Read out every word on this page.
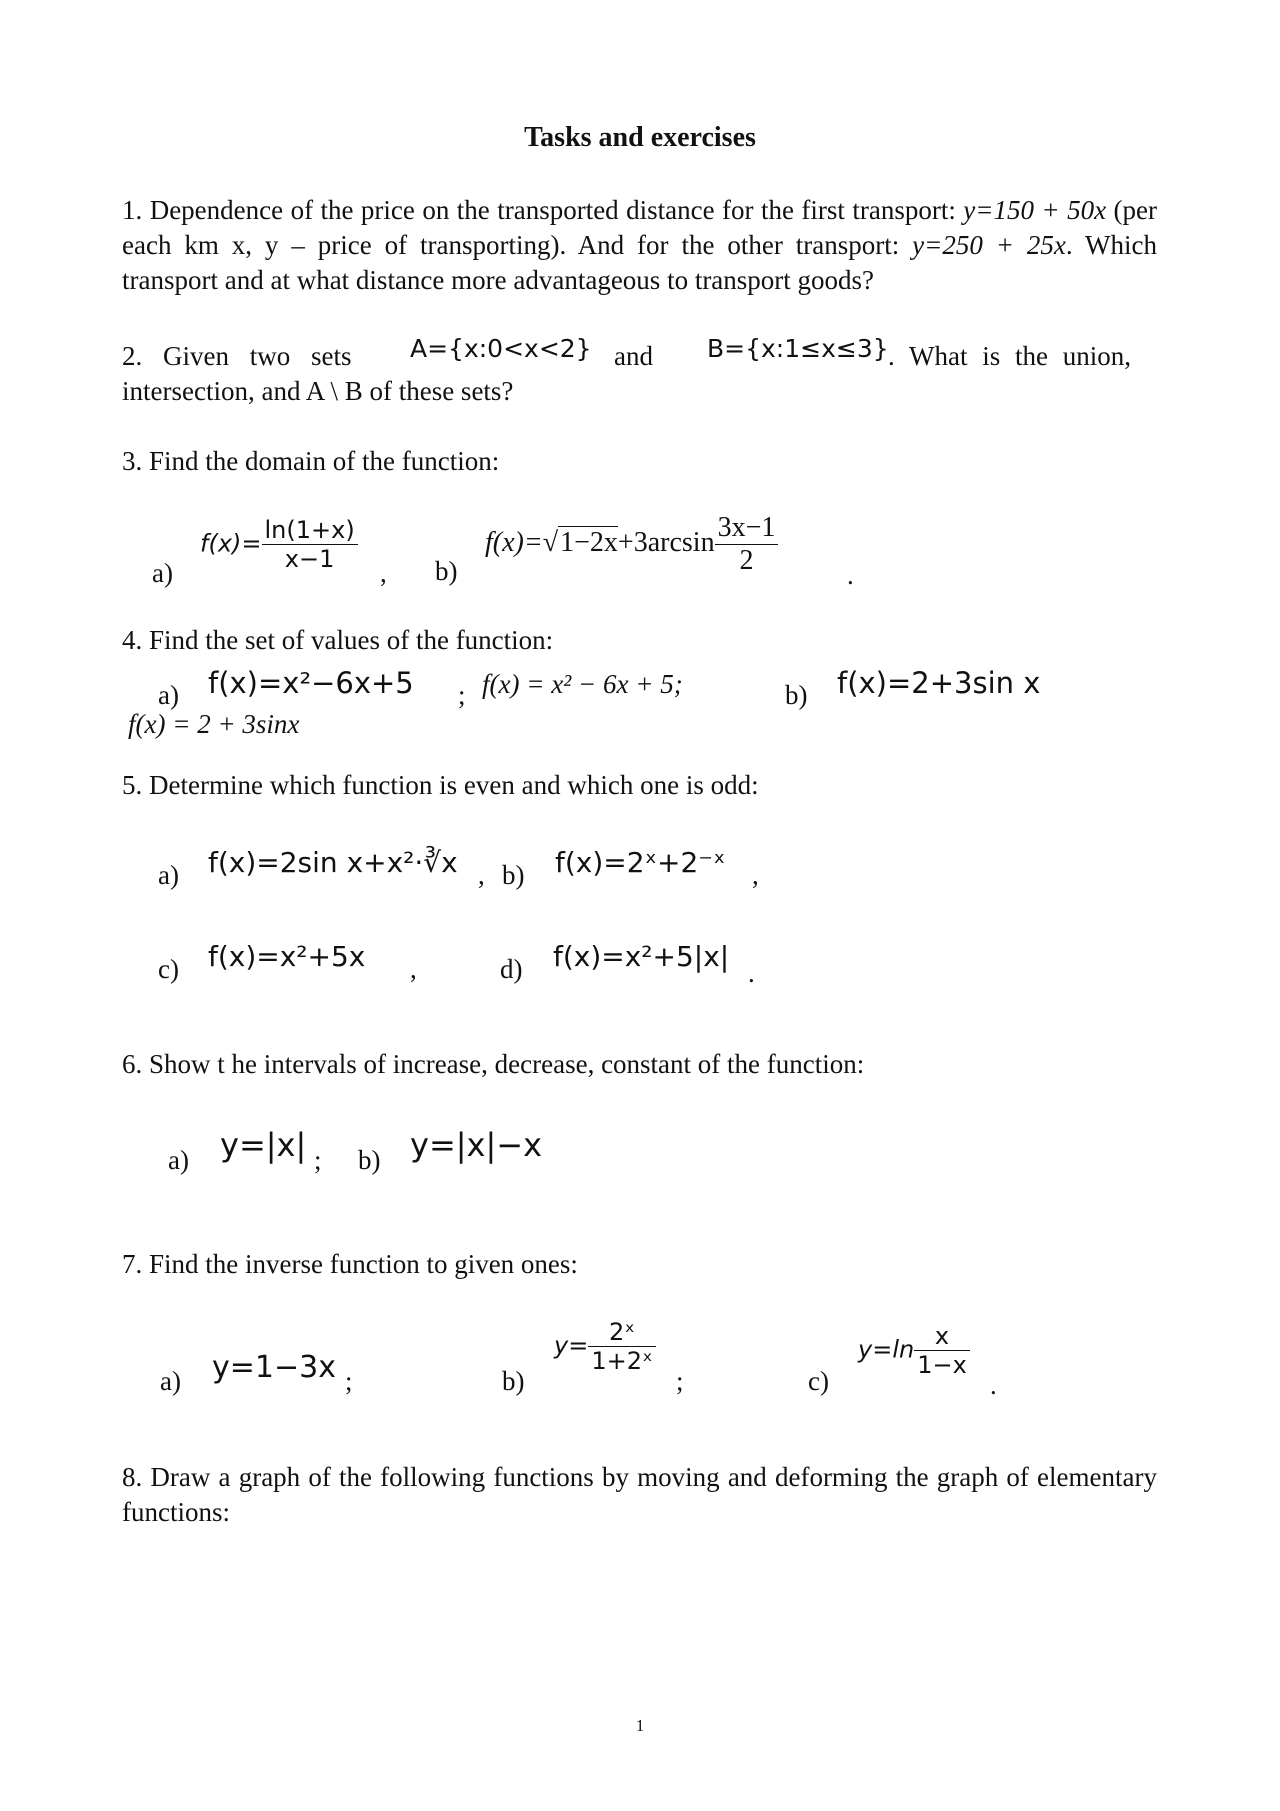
Tasks and exercises
1. Dependence of the price on the transported distance for the first transport: y=150 + 50x (per each km x, y – price of transporting). And for the other transport: y=250 + 25x. Which transport and at what distance more advantageous to transport goods?
2. Given two sets A={x:0<x<2} and B={x:1≤x≤3} . What is the union,
intersection, and A \ B of these sets?
3. Find the domain of the function:
a)
$f(x)= \frac{\ln(1+x)}{x-1}$ , b)
$f(x)=√1-2x+3\arcsin \frac{3x-1}{2}$	.
4. Find the set of values of the function:
a) f(x)=x²−6x+5 ; f(x) = x² − 6x + 5;	b) f(x)=2+3sin x
f(x) = 2 + 3sinx
5. Determine which function is even and which one is odd:
a) f(x)=2sin x+x²·∛x , b) f(x)=2ˣ+2⁻ˣ ,
c) f(x)=x²+5x ,	d) f(x)=x²+5|x| .
6. Show t he intervals of increase, decrease, constant of the function:
a) y=|x| ; b) y=|x|−x
7. Find the inverse function to given ones:
a) y=1−3x ;	b)
$y= \frac{\text{2ˣ}}{\text{1+2ˣ}}$
;	c)
$y=\ln \frac{x}{1-x}$
.
8. Draw a graph of the following functions by moving and deforming the graph of elementary functions:
1
